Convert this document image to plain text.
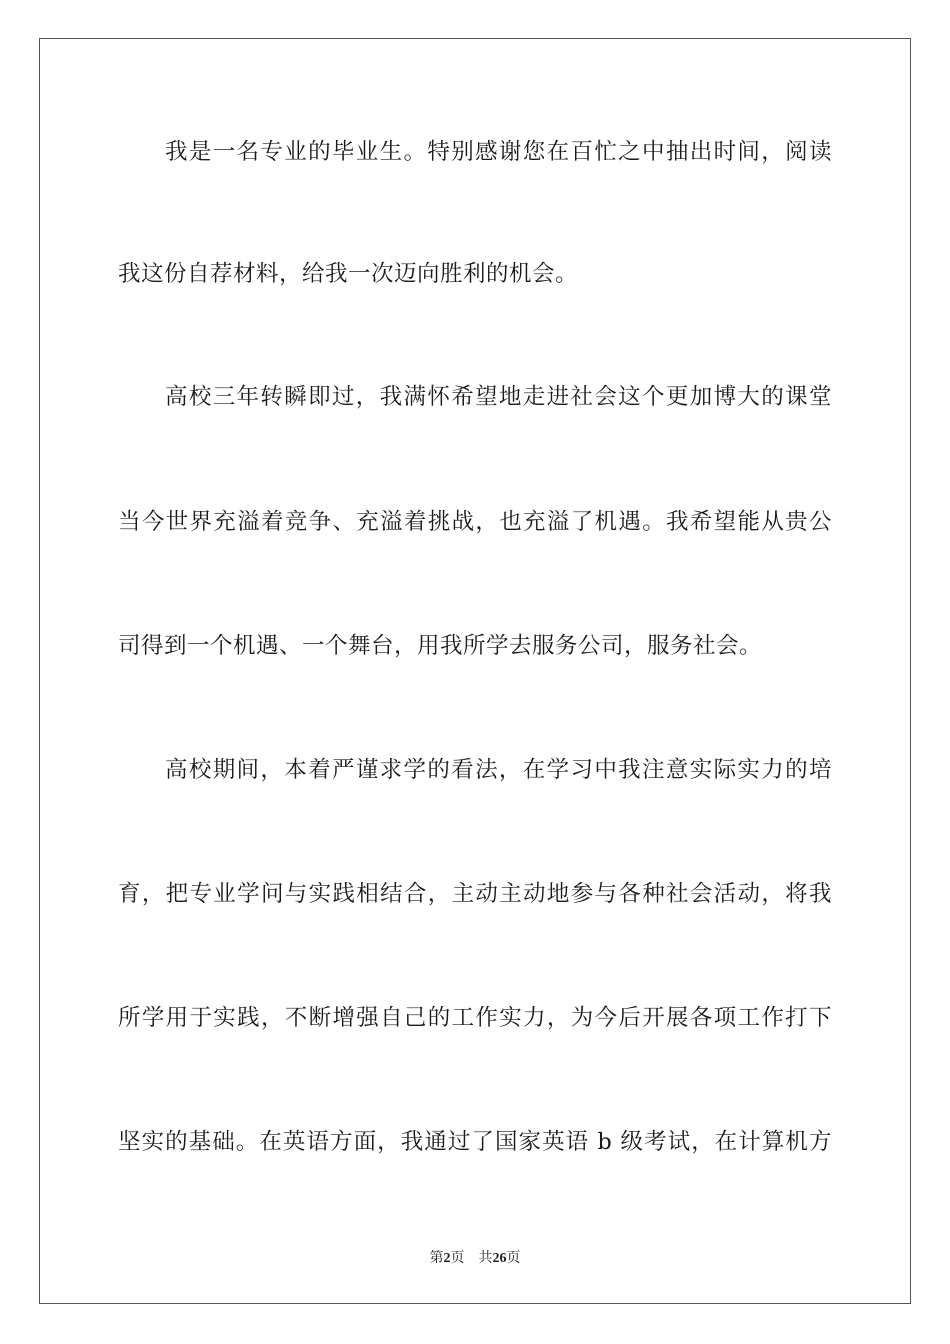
我是一名专业的毕业生。特别感谢您在百忙之中抽出时间，阅读
我这份自荐材料，给我一次迈向胜利的机会。
高校三年转瞬即过，我满怀希望地走进社会这个更加博大的课堂
当今世界充溢着竞争、充溢着挑战，也充溢了机遇。我希望能从贵公
司得到一个机遇、一个舞台，用我所学去服务公司，服务社会。
高校期间，本着严谨求学的看法，在学习中我注意实际实力的培
育，把专业学问与实践相结合，主动主动地参与各种社会活动，将我
所学用于实践，不断增强自己的工作实力，为今后开展各项工作打下
坚实的基础。在英语方面，我通过了国家英语 b 级考试，在计算机方
第2页 共26页
